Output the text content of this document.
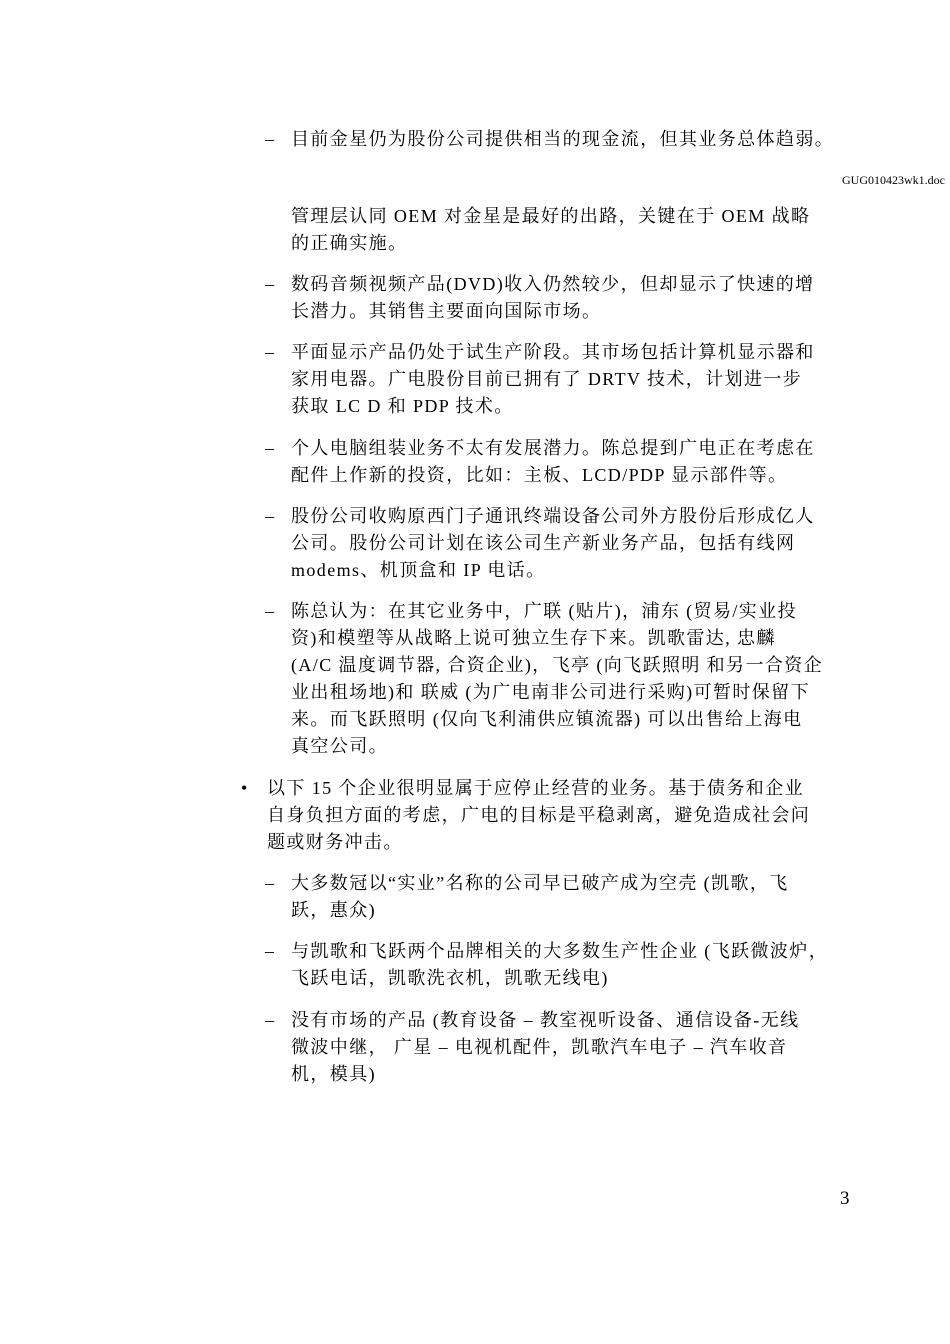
– 目前金星仍为股份公司提供相当的现金流，但其业务总体趋弱。
GUG010423wk1.doc
管理层认同 OEM 对金星是最好的出路，关键在于 OEM 战略
的正确实施。
– 数码音频视频产品(DVD)收入仍然较少，但却显示了快速的增
长潜力。其销售主要面向国际市场。
– 平面显示产品仍处于试生产阶段。其市场包括计算机显示器和
家用电器。广电股份目前已拥有了 DRTV 技术，计划进一步
获取 LC D 和 PDP 技术。
– 个人电脑组装业务不太有发展潜力。陈总提到广电正在考虑在
配件上作新的投资，比如：主板、LCD/PDP 显示部件等。
– 股份公司收购原西门子通讯终端设备公司外方股份后形成亿人
公司。股份公司计划在该公司生产新业务产品，包括有线网
modems、机顶盒和 IP 电话。
– 陈总认为：在其它业务中，广联 (贴片)，浦东 (贸易/实业投
资)和模塑等从战略上说可独立生存下来。凯歌雷达, 忠麟
(A/C 温度调节器, 合资企业)，飞亭 (向飞跃照明 和另一合资企
业出租场地)和 联威 (为广电南非公司进行采购)可暂时保留下
来。而飞跃照明 (仅向飞利浦供应镇流器) 可以出售给上海电
真空公司。
• 以下 15 个企业很明显属于应停止经营的业务。基于债务和企业
自身负担方面的考虑，广电的目标是平稳剥离，避免造成社会问
题或财务冲击。
– 大多数冠以“实业”名称的公司早已破产成为空壳 (凯歌，飞
跃，惠众)
– 与凯歌和飞跃两个品牌相关的大多数生产性企业 (飞跃微波炉，
飞跃电话，凯歌洗衣机，凯歌无线电)
– 没有市场的产品 (教育设备 – 教室视听设备、通信设备-无线
微波中继， 广星 – 电视机配件，凯歌汽车电子 – 汽车收音
机，模具)
3
